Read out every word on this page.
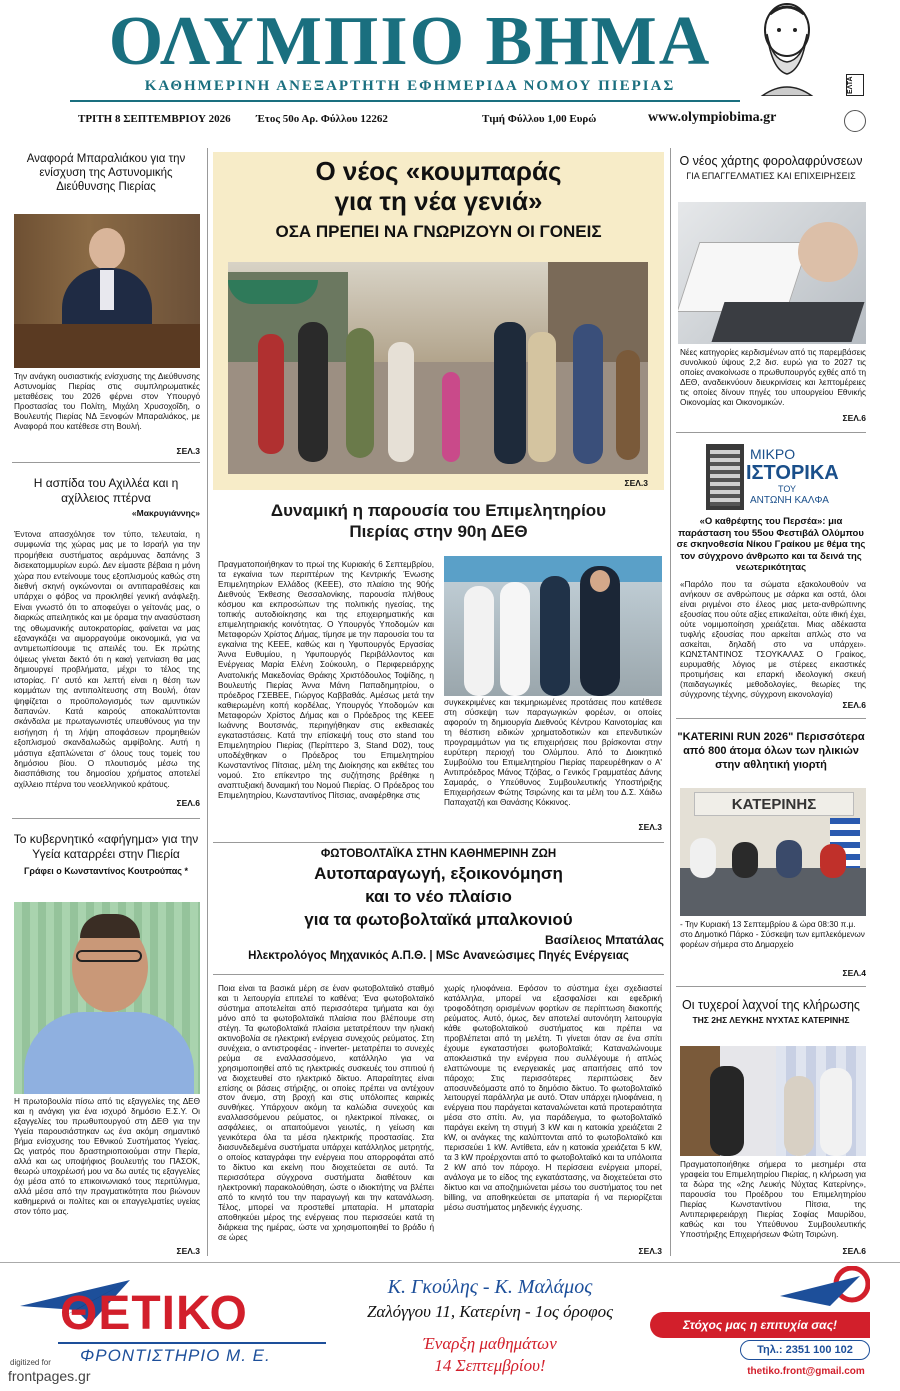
ΟΛΥΜΠΙΟ ΒΗΜΑ
ΚΑΘΗΜΕΡΙΝΗ ΑΝΕΞΑΡΤΗΤΗ ΕΦΗΜΕΡΙΔΑ ΝΟΜΟΥ ΠΙΕΡΙΑΣ	ΕΛΤΑ
ΤΡΙΤΗ 8 ΣΕΠΤΕΜΒΡΙΟΥ 2026 Έτος 50ο Αρ. Φύλλου 12262	Τιμή Φύλλου 1,00 Ευρώ	www.olympiobima.gr
Αναφορά Μπαραλιάκου για την ενίσχυση της Αστυνομικής Διεύθυνσης Πιερίας
Την ανάγκη ουσιαστικής ενίσχυσης της Διεύθυνσης Αστυνομίας Πιερίας στις συμπληρωματικές μεταθέσεις του 2026 φέρνει στον Υπουργό Προστασίας του Πολίτη, Μιχάλη Χρυσοχοΐδη, ο Βουλευτής Πιερίας ΝΔ Ξενοφών Μπαραλιάκος, με Αναφορά που κατέθεσε στη Βουλή.
ΣΕΛ.3
Η ασπίδα του Αχιλλέα και η αχίλλειος πτέρνα
«Μακρυγιάννης»
Έντονα απασχόλησε τον τύπο, τελευταία, η συμφωνία της χώρας μας με το Ισραήλ για την προμήθεια συστήματος αεράμυνας δαπάνης 3 δισεκατομμυρίων ευρώ. Δεν είμαστε βέβαια η μόνη χώρα που εντείνουμε τους εξοπλισμούς καθώς στη διεθνή σκηνή ογκώνονται οι αντιπαραθέσεις και υπάρχει ο φόβος να προκληθεί γενική ανάφλεξη. Είναι γνωστό ότι το αποφεύγει ο γείτονάς μας, ο διαρκώς απειλητικός και με όραμα την ανασύσταση της οθωμανικής αυτοκρατορίας, φαίνεται να μας εξαναγκάζει να αιμορραγούμε οικονομικά, για να αντιμετωπίσουμε τις απειλές του. Εκ πρώτης όψεως γίνεται δεκτό ότι η κακή γειτνίαση θα μας δημιουργεί προβλήματα, μέχρι το τέλος της ιστορίας. Γι' αυτό και λεπτή είναι η θέση των κομμάτων της αντιπολίτευσης στη Βουλή, όταν ψηφίζεται ο προϋπολογισμός των αμυντικών δαπανών. Κατά καιρούς αποκαλύπτονται σκάνδαλα με πρωταγωνιστές υπευθύνους για την εισήγηση ή τη λήψη αποφάσεων προμηθειών εξοπλισμού σκανδαλωδώς αμφίβολης. Αυτή η μάστιγα εξαπλώνεται σ' όλους τους τομείς του δημόσιου βίου. Ο πλουτισμός μέσω της διασπάθισης του δημοσίου χρήματος αποτελεί αχίλλειο πτέρνα του νεοελληνικού κράτους.
ΣΕΛ.6
Το κυβερνητικό «αφήγημα» για την Υγεία καταρρέει στην Πιερία
Γράφει ο Κωνσταντίνος Κουτρούπας *
Η πρωτοβουλία πίσω από τις εξαγγελίες της ΔΕΘ και η ανάγκη για ένα ισχυρό δημόσιο Ε.Σ.Υ. Οι εξαγγελίες του πρωθυπουργού στη ΔΕΘ για την Υγεία παρουσιάστηκαν ως ένα ακόμη σημαντικό βήμα ενίσχυσης του Εθνικού Συστήματος Υγείας. Ως γιατρός που δραστηριοποιούμαι στην Πιερία, αλλά και ως υποψήφιος βουλευτής του ΠΑΣΟΚ, θεωρώ υποχρέωσή μου να δω αυτές τις εξαγγελίες όχι μέσα από το επικοινωνιακό τους περιτύλιγμα, αλλά μέσα από την πραγματικότητα που βιώνουν καθημερινά οι πολίτες και οι επαγγελματίες υγείας στον τόπο μας.
ΣΕΛ.3
Ο νέος «κουμπαράς
για τη νέα γενιά»
ΟΣΑ ΠΡΕΠΕΙ ΝΑ ΓΝΩΡΙΖΟΥΝ ΟΙ ΓΟΝΕΙΣ
ΣΕΛ.3
Δυναμική η παρουσία του Επιμελητηρίου
Πιερίας στην 90η ΔΕΘ
Πραγματοποιήθηκαν το πρωί της Κυριακής 6 Σεπτεμβρίου, τα εγκαίνια των περιπτέρων της Κεντρικής Ένωσης Επιμελητηρίων Ελλάδος (ΚΕΕΕ), στο πλαίσιο της 90ής Διεθνούς Έκθεσης Θεσσαλονίκης, παρουσία πλήθους κόσμου και εκπροσώπων της πολιτικής ηγεσίας, της τοπικής αυτοδιοίκησης και της επιχειρηματικής και επιμελητηριακής κοινότητας. Ο Υπουργός Υποδομών και Μεταφορών Χρίστος Δήμας, τίμησε με την παρουσία του τα εγκαίνια της ΚΕΕΕ, καθώς και η Υφυπουργός Εργασίας Άννα Ευθυμίου, η Υφυπουργός Περιβάλλοντος και Ενέργειας Μαρία Ελένη Σούκουλη, ο Περιφερειάρχης Ανατολικής Μακεδονίας Θράκης Χριστόδουλος Τοψίδης, η Βουλευτής Πιερίας Άννα Μάνη Παπαδημητρίου, ο πρόεδρος ΓΣΕΒΕΕ, Γιώργος Καββαθάς. Αμέσως μετά την καθιερωμένη κοπή κορδέλας, Υπουργός Υποδομών και Μεταφορών Χρίστος Δήμας και ο Πρόεδρος της ΚΕΕΕ Ιωάννης Βουτσινάς, περιηγήθηκαν στις εκθεσιακές εγκαταστάσεις. Κατά την επίσκεψή τους στο stand του Επιμελητηρίου Πιερίας (Περίπτερο 3, Stand D02), τους υποδέχθηκαν ο Πρόεδρος του Επιμελητηρίου Κωνσταντίνος Πίτσιας, μέλη της Διοίκησης και εκθέτες του νομού. Στο επίκεντρο της συζήτησης βρέθηκε η αναπτυξιακή δυναμική του Νομού Πιερίας. Ο Πρόεδρος του Επιμελητηρίου, Κωνσταντίνος Πίτσιας, αναφέρθηκε στις
συγκεκριμένες και τεκμηριωμένες προτάσεις που κατέθεσε στη σύσκεψη των παραγωγικών φορέων, οι οποίες αφορούν τη δημιουργία Διεθνούς Κέντρου Καινοτομίας και τη θέσπιση ειδικών χρηματοδοτικών και επενδυτικών προγραμμάτων για τις επιχειρήσεις που βρίσκονται στην ευρύτερη περιοχή του Ολύμπου. Από το Διοικητικό Συμβούλιο του Επιμελητηρίου Πιερίας παρευρέθηκαν ο Α' Αντιπρόεδρος Μάνος Τζόβας, ο Γενικός Γραμματέας Δάνης Σαμαράς, ο Υπεύθυνος Συμβουλευτικής Υποστήριξης Επιχειρήσεων Φώτης Τσιρώνης και τα μέλη του Δ.Σ. Χάιδω Παπαχατζή και Θανάσης Κόκκινος.
ΣΕΛ.3
ΦΩΤΟΒΟΛΤΑΪΚΑ ΣΤΗΝ ΚΑΘΗΜΕΡΙΝΗ ΖΩΗ
Αυτοπαραγωγή, εξοικονόμηση
και το νέο πλαίσιο
για τα φωτοβολταϊκά μπαλκονιού
Βασίλειος Μπατάλας
Ηλεκτρολόγος Μηχανικός Α.Π.Θ. | MSc Ανανεώσιμες Πηγές Ενέργειας
Ποια είναι τα βασικά μέρη σε έναν φωτοβολταϊκό σταθμό και τι λειτουργία επιτελεί το καθένα; Ένα φωτοβολταϊκό σύστημα αποτελείται από περισσότερα τμήματα και όχι μόνο από τα φωτοβολταϊκά πλαίσια που βλέπουμε στη στέγη. Τα φωτοβολταϊκά πλαίσια μετατρέπουν την ηλιακή ακτινοβολία σε ηλεκτρική ενέργεια συνεχούς ρεύματος. Στη συνέχεια, ο αντιστροφέας - inverter- μετατρέπει το συνεχές ρεύμα σε εναλλασσόμενο, κατάλληλο για να χρησιμοποιηθεί από τις ηλεκτρικές συσκευές του σπιτιού ή να διοχετευθεί στο ηλεκτρικό δίκτυο. Απαραίτητες είναι επίσης οι βάσεις στήριξης, οι οποίες πρέπει να αντέχουν στον άνεμο, στη βροχή και στις υπόλοιπες καιρικές συνθήκες. Υπάρχουν ακόμη τα καλώδια συνεχούς και εναλλασσόμενου ρεύματος, οι ηλεκτρικοί πίνακες, οι ασφάλειες, οι απαιτούμενοι γειωτές, η γείωση και γενικότερα όλα τα μέσα ηλεκτρικής προστασίας. Στα διασυνδεδεμένα συστήματα υπάρχει κατάλληλος μετρητής, ο οποίος καταγράφει την ενέργεια που απορροφάται από το δίκτυο και εκείνη που διοχετεύεται σε αυτό. Τα περισσότερα σύγχρονα συστήματα διαθέτουν και ηλεκτρονική παρακολούθηση, ώστε ο ιδιοκτήτης να βλέπει από το κινητό του την παραγωγή και την κατανάλωση. Τέλος, μπορεί να προστεθεί μπαταρία. Η μπαταρία αποθηκεύει μέρος της ενέργειας που περισσεύει κατά τη διάρκεια της ημέρας, ώστε να χρησιμοποιηθεί το βράδυ ή σε ώρες
χωρίς ηλιοφάνεια. Εφόσον το σύστημα έχει σχεδιαστεί κατάλληλα, μπορεί να εξασφαλίσει και εφεδρική τροφοδότηση ορισμένων φορτίων σε περίπτωση διακοπής ρεύματος. Αυτό, όμως, δεν αποτελεί αυτονόητη λειτουργία κάθε φωτοβολταϊκού συστήματος και πρέπει να προβλέπεται από τη μελέτη. Τι γίνεται όταν σε ένα σπίτι έχουμε εγκαταστήσει φωτοβολταϊκά; Καταναλώνουμε αποκλειστικά την ενέργεια που συλλέγουμε ή απλώς ελαττώνουμε τις ενεργειακές μας απαιτήσεις από τον πάροχο; Στις περισσότερες περιπτώσεις δεν αποσυνδεόμαστε από το δημόσιο δίκτυο. Το φωτοβολταϊκό λειτουργεί παράλληλα με αυτό. Όταν υπάρχει ηλιοφάνεια, η ενέργεια που παράγεται καταναλώνεται κατά προτεραιότητα μέσα στο σπίτι. Αν, για παράδειγμα, το φωτοβολταϊκό παράγει εκείνη τη στιγμή 3 kW και η κατοικία χρειάζεται 2 kW, οι ανάγκες της καλύπτονται από το φωτοβολταϊκό και περισσεύει 1 kW. Αντίθετα, εάν η κατοικία χρειάζεται 5 kW, τα 3 kW προέρχονται από το φωτοβολταϊκό και τα υπόλοιπα 2 kW από τον πάροχο. Η περίσσεια ενέργεια μπορεί, ανάλογα με το είδος της εγκατάστασης, να διοχετεύεται στο δίκτυο και να αποζημιώνεται μέσω του συστήματος του net billing, να αποθηκεύεται σε μπαταρία ή να περιορίζεται μέσω συστήματος μηδενικής έγχυσης.
ΣΕΛ.3
Ο νέος χάρτης φορολαφρύνσεων
ΓΙΑ ΕΠΑΓΓΕΛΜΑΤΙΕΣ ΚΑΙ ΕΠΙΧΕΙΡΗΣΕΙΣ
Νέες κατηγορίες κερδισμένων από τις παρεμβάσεις συνολικού ύψους 2,2 δισ. ευρώ για το 2027 τις οποίες ανακοίνωσε ο πρωθυπουργός εχθές από τη ΔΕΘ, αναδεικνύουν διευκρινίσεις και λεπτομέρειες τις οποίες δίνουν πηγές του υπουργείου Εθνικής Οικονομίας και Οικονομικών.
ΣΕΛ.6
ΜΙΚΡΟ
ΙΣΤΟΡΙΚΑ
ΤΟΥ
ΑΝΤΩΝΗ ΚΑΛΦΑ
«Ο καθρέφτης του Περσέα»: μια παράσταση του 55ου Φεστιβάλ Ολύμπου σε σκηνοθεσία Νίκου Γραίκου με θέμα της τον σύγχρονο άνθρωπο και τα δεινά της νεωτερικότητας
«Παρόλο που τα σώματα εξακολουθούν να ανήκουν σε ανθρώπους με σάρκα και οστά, όλοι είναι ριγμένοι στο έλεος μιας μετα-ανθρώπινης εξουσίας που ούτε αξίες επικαλείται, ούτε ιθική έχει, ούτε νομιμοποίηση χρειάζεται. Μιας αδέκαστα τυφλής εξουσίας που αρκείται απλώς στο να ασκείται, δηλαδή στο να υπάρχει». ΚΩΝΣΤΑΝΤΙΝΟΣ ΤΣΟΥΚΑΛΑΣ Ο Γραίκος, ευρυμαθής λόγιος με στέρεες εικαστικές προτιμήσεις και επαρκή ιδεολογική σκευή (παιδαγωγικές μεθοδολογίες, θεωρίες της σύγχρονης τέχνης, σύγχρονη εικονολογία)
ΣΕΛ.6
"KATERINI RUN 2026" Περισσότερα από 800 άτομα όλων των ηλικιών στην αθλητική γιορτή
ΚΑΤΕΡΙΝΗΣ
- Την Κυριακή 13 Σεπτεμβρίου & ώρα 08:30 π.μ. στο Δημοτικό Πάρκο - Σύσκεψη των εμπλεκόμενων φορέων σήμερα στο Δημαρχείο
ΣΕΛ.4
Οι τυχεροί λαχνοί της κλήρωσης
ΤΗΣ 2ΗΣ ΛΕΥΚΗΣ ΝΥΧΤΑΣ ΚΑΤΕΡΙΝΗΣ
Πραγματοποιήθηκε σήμερα το μεσημέρι στα γραφεία του Επιμελητηρίου Πιερίας, η κλήρωση για τα δώρα της «2ης Λευκής Νύχτας Κατερίνης», παρουσία του Προέδρου του Επιμελητηρίου Πιερίας Κωνσταντίνου Πίτσια, της Αντιπεριφερειάρχη Πιερίας Σοφίας Μαυρίδου, καθώς και του Υπεύθυνου Συμβουλευτικής Υποστήριξης Επιχειρήσεων Φώτη Τσιρώνη.
ΣΕΛ.6
ΘΕΤΙΚΟ
ΦΡΟΝΤΙΣΤΗΡΙΟ Μ. Ε.
Κ. Γκούλης - Κ. Μαλάμος
Ζαλόγγου 11, Κατερίνη - 1ος όροφος
Έναρξη μαθημάτων
14 Σεπτεμβρίου!
Στόχος μας η επιτυχία σας!
Τηλ.: 2351 100 102
thetiko.front@gmail.com
digitized for
frontpages.gr
